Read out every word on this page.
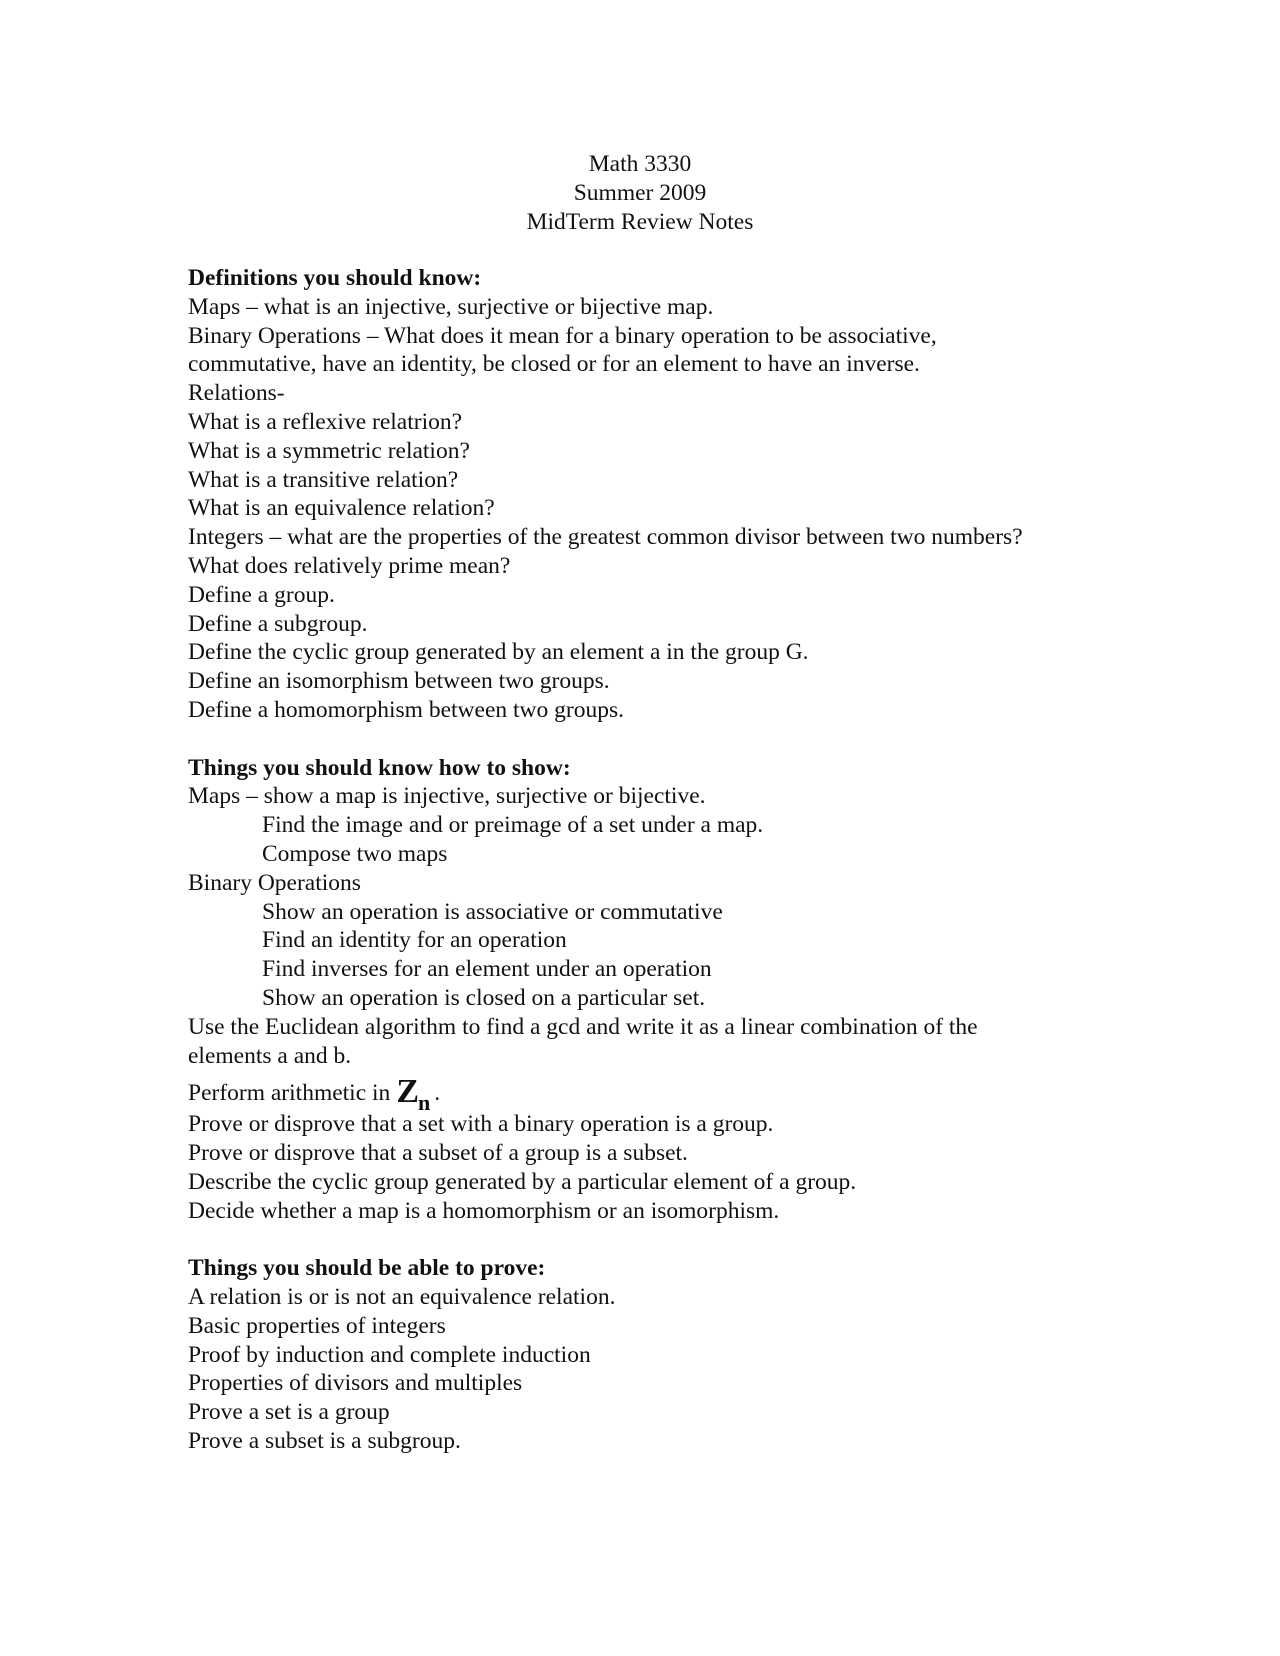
Math 3330
Summer 2009
MidTerm Review Notes
Definitions you should know:
Maps – what is an injective, surjective or bijective map.
Binary Operations – What does it mean for a binary operation to be associative,
commutative, have an identity, be closed or for an element to have an inverse.
Relations-
What is a reflexive relatrion?
What is a symmetric relation?
What is a transitive relation?
What is an equivalence relation?
Integers – what are the properties of the greatest common divisor between two numbers?
What does relatively prime mean?
Define a group.
Define a subgroup.
Define the cyclic group generated by an element a in the group G.
Define an isomorphism between two groups.
Define a homomorphism between two groups.
Things you should know how to show:
Maps – show a map is injective, surjective or bijective.
Find the image and or preimage of a set under a map.
Compose two maps
Binary Operations
Show an operation is associative or commutative
Find an identity for an operation
Find inverses for an element under an operation
Show an operation is closed on a particular set.
Use the Euclidean algorithm to find a gcd and write it as a linear combination of the
elements a and b.
Perform arithmetic in Zn .
Prove or disprove that a set with a binary operation is a group.
Prove or disprove that a subset of a group is a subset.
Describe the cyclic group generated by a particular element of a group.
Decide whether a map is a homomorphism or an isomorphism.
Things you should be able to prove:
A relation is or is not an equivalence relation.
Basic properties of integers
Proof by induction and complete induction
Properties of divisors and multiples
Prove a set is a group
Prove a subset is a subgroup.
